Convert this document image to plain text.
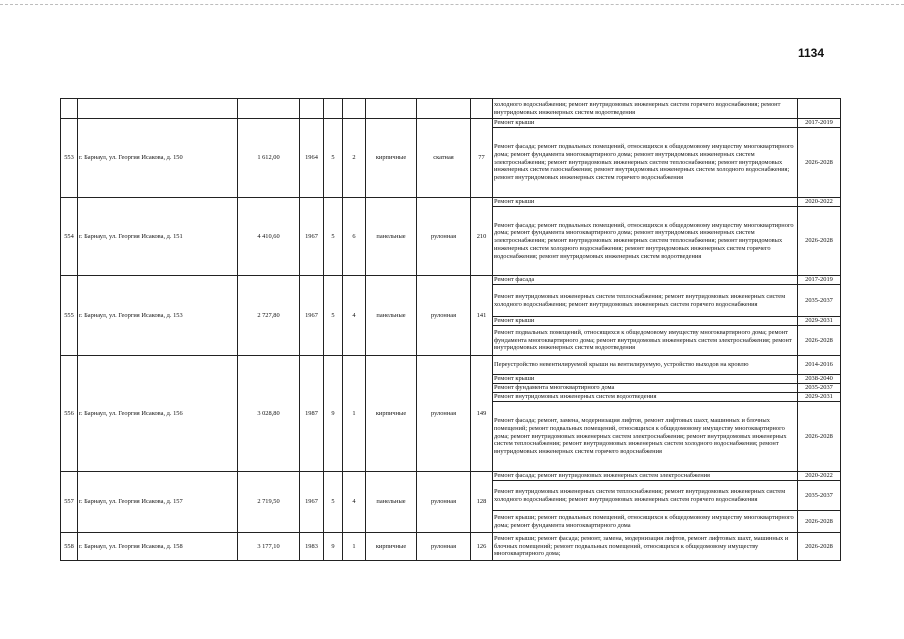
1134
									холодного водоснабжения; ремонт внутридомовых инженерных систем горячего водоснабжения; ремонт внутридомовых инженерных систем водоотведения	
553	г. Барнаул, ул. Георгия Исакова, д. 150	1 612,00	1964	5	2	кирпичные	скатная	77	Ремонт крыши	2017-2019
									Ремонт фасада; ремонт подвальных помещений, относящихся к общедомовому имуществу многоквартирного дома; ремонт фундамента многоквартирного дома; ремонт внутридомовых инженерных систем электроснабжения; ремонт внутридомовых инженерных систем теплоснабжения; ремонт внутридомовых инженерных систем газоснабжения; ремонт внутридомовых инженерных систем холодного водоснабжения; ремонт внутридомовых инженерных систем горячего водоснабжения	2026-2028
554	г. Барнаул, ул. Георгия Исакова, д. 151	4 410,60	1967	5	6	панельные	рулонная	210	Ремонт крыши	2020-2022
									Ремонт фасада; ремонт подвальных помещений, относящихся к общедомовому имуществу многоквартирного дома; ремонт фундамента многоквартирного дома; ремонт внутридомовых инженерных систем электроснабжения; ремонт внутридомовых инженерных систем теплоснабжения; ремонт внутридомовых инженерных систем холодного водоснабжения; ремонт внутридомовых инженерных систем горячего водоснабжения; ремонт внутридомовых инженерных систем водоотведения	2026-2028
555	г. Барнаул, ул. Георгия Исакова, д. 153	2 727,80	1967	5	4	панельные	рулонная	141	Ремонт фасада	2017-2019
									Ремонт внутридомовых инженерных систем теплоснабжения; ремонт внутридомовых инженерных систем холодного водоснабжения; ремонт внутридомовых инженерных систем горячего водоснабжения	2035-2037
									Ремонт крыши	2029-2031
									Ремонт подвальных помещений, относящихся к общедомовому имуществу многоквартирного дома; ремонт фундамента многоквартирного дома; ремонт внутридомовых инженерных систем электроснабжения; ремонт внутридомовых инженерных систем водоотведения	2026-2028
556	г. Барнаул, ул. Георгия Исакова, д. 156	3 028,80	1987	9	1	кирпичные	рулонная	149	Переустройство невентилируемой крыши на вентилируемую, устройство выходов на кровлю	2014-2016
									Ремонт крыши	2038-2040
									Ремонт фундамента многоквартирного дома	2035-2037
									Ремонт внутридомовых инженерных систем водоотведения	2029-2031
									Ремонт фасада; ремонт, замена, модернизация лифтов, ремонт лифтовых шахт, машинных и блочных помещений; ремонт подвальных помещений, относящихся к общедомовому имуществу многоквартирного дома; ремонт внутридомовых инженерных систем электроснабжения; ремонт внутридомовых инженерных систем теплоснабжения; ремонт внутридомовых инженерных систем холодного водоснабжения; ремонт внутридомовых инженерных систем горячего водоснабжения	2026-2028
557	г. Барнаул, ул. Георгия Исакова, д. 157	2 719,50	1967	5	4	панельные	рулонная	128	Ремонт фасада; ремонт внутридомовых инженерных систем электроснабжения	2020-2022
									Ремонт внутридомовых инженерных систем теплоснабжения; ремонт внутридомовых инженерных систем холодного водоснабжения; ремонт внутридомовых инженерных систем горячего водоснабжения	2035-2037
									Ремонт крыши; ремонт подвальных помещений, относящихся к общедомовому имуществу многоквартирного дома; ремонт фундамента многоквартирного дома	2026-2028
558	г. Барнаул, ул. Георгия Исакова, д. 158	3 177,10	1983	9	1	кирпичные	рулонная	126	Ремонт крыши; ремонт фасада; ремонт, замена, модернизация лифтов, ремонт лифтовых шахт, машинных и блочных помещений; ремонт подвальных помещений, относящихся к общедомовому имуществу многоквартирного дома;	2026-2028
